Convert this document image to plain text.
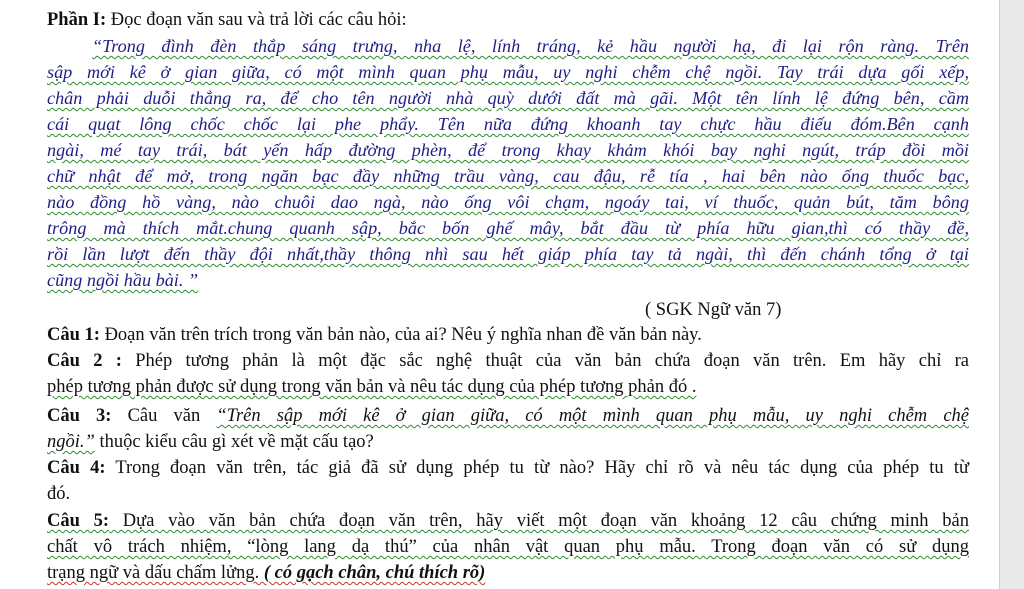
Phần I: Đọc đoạn văn sau và trả lời các câu hỏi:
“Trong đình đèn thắp sáng trưng, nha lệ, lính tráng, kẻ hầu người hạ, đi lại rộn ràng. Trên
sập mới kê ở gian giữa, có một mình quan phụ mẫu, uy nghi chễm chệ ngồi. Tay trái dựa gối xếp,
chân phải duỗi thẳng ra, để cho tên người nhà quỳ dưới đất mà gãi. Một tên lính lệ đứng bên, cầm
cái quạt lông chốc chốc lại phe phẩy. Tên nữa đứng khoanh tay chực hầu điếu đóm.Bên cạnh
ngài, mé tay trái, bát yến hấp đường phèn, để trong khay khảm khói bay nghi ngút, tráp đồi mồi
chữ nhật để mở, trong ngăn bạc đầy những trầu vàng, cau đậu, rễ tía , hai bên nào ống thuốc bạc,
nào đồng hồ vàng, nào chuôi dao ngà, nào ống vôi chạm, ngoáy tai, ví thuốc, quản bút, tăm bông
trông mà thích mắt.chung quanh sập, bắc bốn ghế mây, bắt đầu từ phía hữu gian,thì có thầy đề,
rồi lần lượt đến thầy đội nhất,thầy thông nhì sau hết giáp phía tay tả ngài, thì đến chánh tổng ở tại
cũng ngồi hầu bài. ”
( SGK Ngữ văn 7)
Câu 1: Đoạn văn trên trích trong văn bản nào, của ai? Nêu ý nghĩa nhan đề văn bản này.
Câu 2 : Phép tương phản là một đặc sắc nghệ thuật của văn bản chứa đoạn văn trên. Em hãy chỉ ra
phép tương phản được sử dụng trong văn bản và nêu tác dụng của phép tương phản đó .
Câu 3: Câu văn “Trên sập mới kê ở gian giữa, có một mình quan phụ mẫu, uy nghi chễm chệ
ngồi.” thuộc kiểu câu gì xét về mặt cấu tạo?
Câu 4: Trong đoạn văn trên, tác giả đã sử dụng phép tu từ nào? Hãy chỉ rõ và nêu tác dụng của phép tu từ
đó.
Câu 5: Dựa vào văn bản chứa đoạn văn trên, hãy viết một đoạn văn khoảng 12 câu chứng minh bản
chất vô trách nhiệm, “lòng lang dạ thú” của nhân vật quan phụ mẫu. Trong đoạn văn có sử dụng
trạng ngữ và dấu chấm lửng. ( có gạch chân, chú thích rõ)
